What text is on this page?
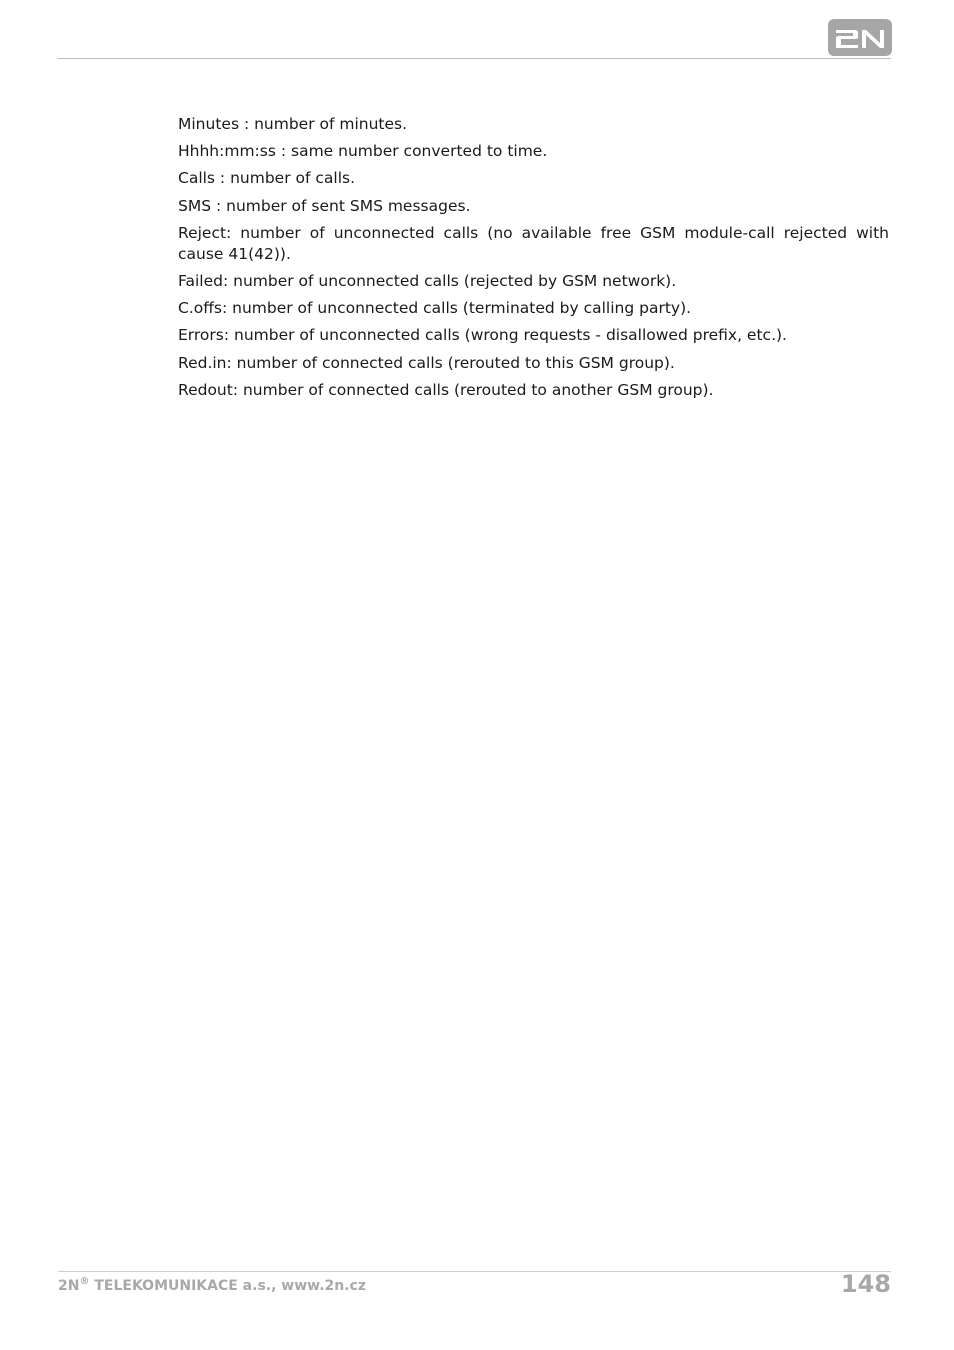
Minutes : number of minutes.

Hhhh:mm:ss : same number converted to time.

Calls : number of calls.

SMS : number of sent SMS messages.

Reject: number of unconnected calls (no available free GSM module-call rejected with cause 41(42)).

Failed: number of unconnected calls (rejected by GSM network).

C.offs: number of unconnected calls (terminated by calling party).

Errors: number of unconnected calls (wrong requests - disallowed prefix, etc.).

Red.in: number of connected calls (rerouted to this GSM group).

Redout: number of connected calls (rerouted to another GSM group).

2N® TELEKOMUNIKACE a.s., www.2n.cz	148
